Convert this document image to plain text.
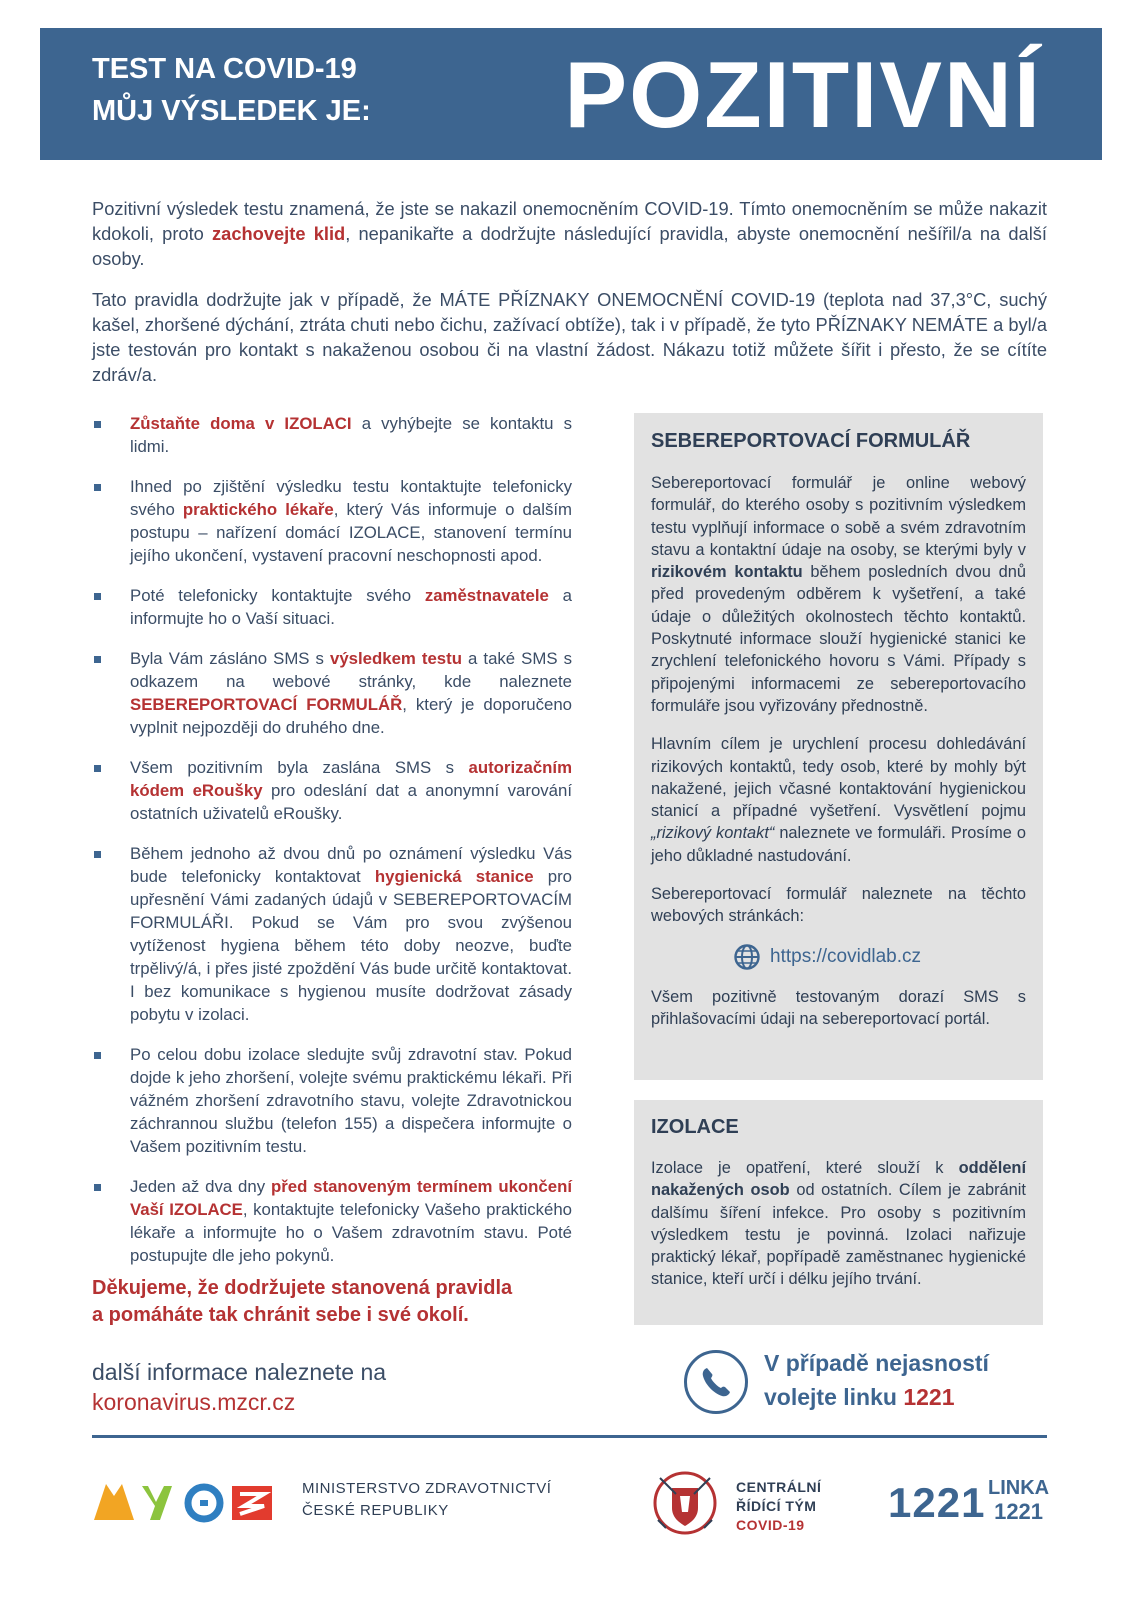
TEST NA COVID-19
MŮJ VÝSLEDEK JE: POZITIVNÍ

Pozitivní výsledek testu znamená, že jste se nakazil onemocněním COVID-19. Tímto onemocněním se může nakazit kdokoli, proto zachovejte klid, nepanikařte a dodržujte následující pravidla, abyste onemocnění nešířil/a na další osoby.

Tato pravidla dodržujte jak v případě, že MÁTE PŘÍZNAKY ONEMOCNĚNÍ COVID-19 (teplota nad 37,3°C, suchý kašel, zhoršené dýchání, ztráta chuti nebo čichu, zažívací obtíže), tak i v případě, že tyto PŘÍZNAKY NEMÁTE a byl/a jste testován pro kontakt s nakaženou osobou či na vlastní žádost. Nákazu totiž můžete šířit i přesto, že se cítíte zdráv/a.

Zůstaňte doma v IZOLACI a vyhýbejte se kontaktu s lidmi.
Ihned po zjištění výsledku testu kontaktujte telefonicky svého praktického lékaře, který Vás informuje o dalším postupu – nařízení domácí IZOLACE, stanovení termínu jejího ukončení, vystavení pracovní neschopnosti apod.
Poté telefonicky kontaktujte svého zaměstnavatele a informujte ho o Vaší situaci.
Byla Vám zásláno SMS s výsledkem testu a také SMS s odkazem na webové stránky, kde naleznete SEBEREPORTOVACÍ FORMULÁŘ, který je doporučeno vyplnit nejpozději do druhého dne.
Všem pozitivním byla zaslána SMS s autorizačním kódem eRoušky pro odeslání dat a anonymní varování ostatních uživatelů eRoušky.
Během jednoho až dvou dnů po oznámení výsledku Vás bude telefonicky kontaktovat hygienická stanice pro upřesnění Vámi zadaných údajů v SEBEREPORTOVACÍM FORMULÁŘI. Pokud se Vám pro svou zvýšenou vytíženost hygiena během této doby neozve, buďte trpělivý/á, i přes jisté zpoždění Vás bude určitě kontaktovat. I bez komunikace s hygienou musíte dodržovat zásady pobytu v izolaci.
Po celou dobu izolace sledujte svůj zdravotní stav. Pokud dojde k jeho zhoršení, volejte svému praktickému lékaři. Při vážném zhoršení zdravotního stavu, volejte Zdravotnickou záchrannou službu (telefon 155) a dispečera informujte o Vašem pozitivním testu.
Jeden až dva dny před stanoveným termínem ukončení Vaší IZOLACE, kontaktujte telefonicky Vašeho praktického lékaře a informujte ho o Vašem zdravotním stavu. Poté postupujte dle jeho pokynů.
Děkujeme, že dodržujete stanovená pravidla
a pomáháte tak chránit sebe i své okolí.
další informace naleznete na
koronavirus.mzcr.cz
SEBEREPORTOVACÍ FORMULÁŘ

Sebereportovací formulář je online webový formulář, do kterého osoby s pozitivním výsledkem testu vyplňují informace o sobě a svém zdravotním stavu a kontaktní údaje na osoby, se kterými byly v rizikovém kontaktu během posledních dvou dnů před provedeným odběrem k vyšetření, a také údaje o důležitých okolnostech těchto kontaktů. Poskytnuté informace slouží hygienické stanici ke zrychlení telefonického hovoru s Vámi. Případy s připojenými informacemi ze sebereportovacího formuláře jsou vyřizovány přednostně.

Hlavním cílem je urychlení procesu dohledávání rizikových kontaktů, tedy osob, které by mohly být nakažené, jejich včasné kontaktování hygienickou stanicí a případné vyšetření. Vysvětlení pojmu „rizikový kontakt“ naleznete ve formuláři. Prosíme o jeho důkladné nastudování.

Sebereportovací formulář naleznete na těchto webových stránkách:

https://covidlab.cz

Všem pozitivně testovaným dorazí SMS s přihlašovacími údaji na sebereportovací portál.

IZOLACE

Izolace je opatření, které slouží k oddělení nakažených osob od ostatních. Cílem je zabránit dalšímu šíření infekce. Pro osoby s pozitivním výsledkem testu je povinná. Izolaci nařizuje praktický lékař, popřípadě zaměstnanec hygienické stanice, kteří určí i délku jejího trvání.

V případě nejasností
volejte linku 1221
MINISTERSTVO ZDRAVOTNICTVÍ
ČESKÉ REPUBLIKY
CENTRÁLNÍ
ŘÍDÍCÍ TÝM
COVID-19	1221 LINKA
1221
